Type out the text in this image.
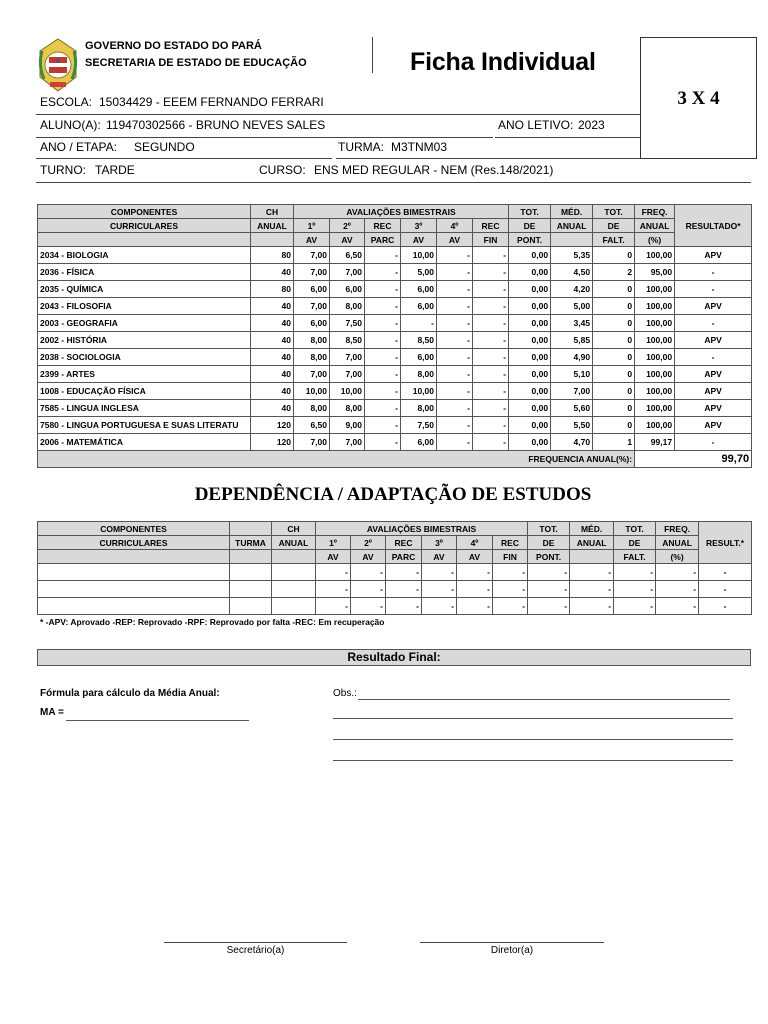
GOVERNO DO ESTADO DO PARÁ
SECRETARIA DE ESTADO DE EDUCAÇÃO	Ficha Individual
3 X 4
ESCOLA: 15034429 - EEEM FERNANDO FERRARI
ALUNO(A): 119470302566 - BRUNO NEVES SALES	ANO LETIVO: 2023
ANO / ETAPA: SEGUNDO	TURMA: M3TNM03
TURNO: TARDE	CURSO: ENS MED REGULAR - NEM (Res.148/2021)
COMPONENTES	CH	AVALIAÇÕES BIMESTRAIS						TOT.	MÉD.	TOT.	FREQ.	RESULTADO*
CURRICULARES	ANUAL	1º	2º	REC	3º	4º	REC	DE	ANUAL	DE	ANUAL	
		AV	AV	PARC	AV	AV	FIN	PONT.		FALT.	(%)	
2034 - BIOLOGIA	80	7,00	6,50	-	10,00	-	-	0,00	5,35	0	100,00	APV
2036 - FÍSICA	40	7,00	7,00	-	5,00	-	-	0,00	4,50	2	95,00	-
2035 - QUÍMICA	80	6,00	6,00	-	6,00	-	-	0,00	4,20	0	100,00	-
2043 - FILOSOFIA	40	7,00	8,00	-	6,00	-	-	0,00	5,00	0	100,00	APV
2003 - GEOGRAFIA	40	6,00	7,50	-	-	-	-	0,00	3,45	0	100,00	-
2002 - HISTÓRIA	40	8,00	8,50	-	8,50	-	-	0,00	5,85	0	100,00	APV
2038 - SOCIOLOGIA	40	8,00	7,00	-	6,00	-	-	0,00	4,90	0	100,00	-
2399 - ARTES	40	7,00	7,00	-	8,00	-	-	0,00	5,10	0	100,00	APV
1008 - EDUCAÇÃO FÍSICA	40	10,00	10,00	-	10,00	-	-	0,00	7,00	0	100,00	APV
7585 - LINGUA INGLESA	40	8,00	8,00	-	8,00	-	-	0,00	5,60	0	100,00	APV
7580 - LINGUA PORTUGUESA E SUAS LITERATU	120	6,50	9,00	-	7,50	-	-	0,00	5,50	0	100,00	APV
2006 - MATEMÁTICA	120	7,00	7,00	-	6,00	-	-	0,00	4,70	1	99,17	-
FREQUENCIA ANUAL(%):											99,70	
DEPENDÊNCIA / ADAPTAÇÃO DE ESTUDOS
COMPONENTES		CH	AVALIAÇÕES BIMESTRAIS						TOT.	MÉD.	TOT.	FREQ.	RESULT.*
CURRICULARES	TURMA	ANUAL	1º	2º	REC	3º	4º	REC	DE	ANUAL	DE	ANUAL	
			AV	AV	PARC	AV	AV	FIN	PONT.		FALT.	(%)	
			-	-	-	-	-	-	-	-	-	-	-
			-	-	-	-	-	-	-	-	-	-	-
			-	-	-	-	-	-	-	-	-	-	-
* -APV: Aprovado -REP: Reprovado -RPF: Reprovado por falta -REC: Em recuperação
Resultado Final:
Fórmula para cálculo da Média Anual:
MA =
Obs.:
Secretário(a)	Diretor(a)
